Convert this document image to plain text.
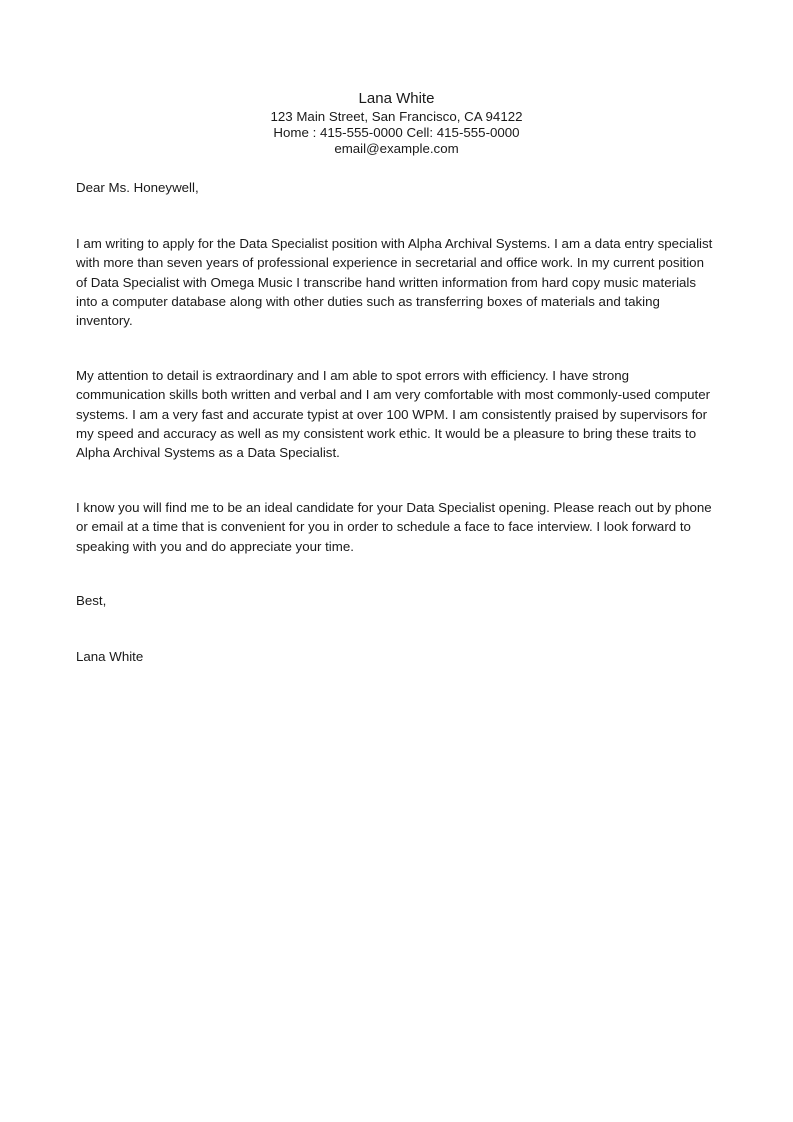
Lana White

123 Main Street, San Francisco, CA 94122

Home : 415-555-0000 Cell: 415-555-0000

email@example.com

Dear Ms. Honeywell,

I am writing to apply for the Data Specialist position with Alpha Archival Systems. I am a data entry specialist with more than seven years of professional experience in secretarial and office work. In my current position of Data Specialist with Omega Music I transcribe hand written information from hard copy music materials into a computer database along with other duties such as transferring boxes of materials and taking inventory.

My attention to detail is extraordinary and I am able to spot errors with efficiency. I have strong communication skills both written and verbal and I am very comfortable with most commonly-used computer systems. I am a very fast and accurate typist at over 100 WPM. I am consistently praised by supervisors for my speed and accuracy as well as my consistent work ethic. It would be a pleasure to bring these traits to Alpha Archival Systems as a Data Specialist.

I know you will find me to be an ideal candidate for your Data Specialist opening. Please reach out by phone or email at a time that is convenient for you in order to schedule a face to face interview. I look forward to speaking with you and do appreciate your time.

Best,

Lana White
